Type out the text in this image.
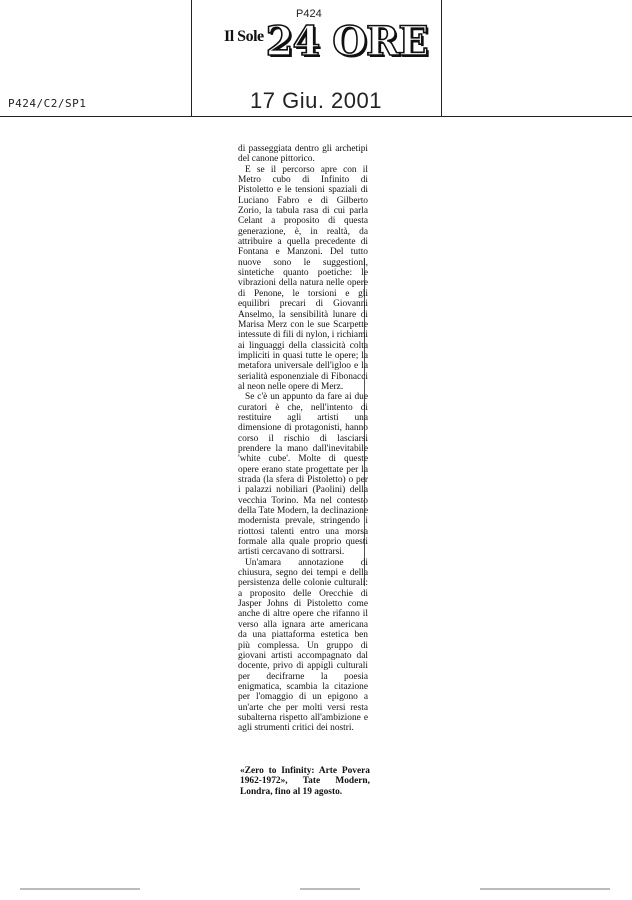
P424/C2/SP1
P424
Il Sole24 ORE
17 Giu. 2001

di passeggiata dentro gli archetipi del canone pittorico.

E se il percorso apre con il Metro cubo di Infinito di Pistoletto e le tensioni spaziali di Luciano Fabro e di Gilberto Zorio, la tabula rasa di cui parla Celant a proposito di questa generazione, è, in realtà, da attribuire a quella precedente di Fontana e Manzoni. Del tutto nuove sono le suggestioni, sintetiche quanto poetiche: le vibrazioni della natura nelle opere di Penone, le torsioni e gli equilibri precari di Giovanni Anselmo, la sensibilità lunare di Marisa Merz con le sue Scarpette intessute di fili di nylon, i richiami ai linguaggi della classicità colta impliciti in quasi tutte le opere; la metafora universale dell'igloo e la serialità esponenziale di Fibonacci al neon nelle opere di Merz.

Se c'è un appunto da fare ai due curatori è che, nell'intento di restituire agli artisti una dimensione di protagonisti, hanno corso il rischio di lasciarsi prendere la mano dall'inevitabile 'white cube'. Molte di queste opere erano state progettate per la strada (la sfera di Pistoletto) o per i palazzi nobiliari (Paolini) della vecchia Torino. Ma nel contesto della Tate Modern, la declinazione modernista prevale, stringendo i riottosi talenti entro una morsa formale alla quale proprio questi artisti cercavano di sottrarsi.

Un'amara annotazione di chiusura, segno dei tempi e della persistenza delle colonie culturali: a proposito delle Orecchie di Jasper Johns di Pistoletto come anche di altre opere che rifanno il verso alla ignara arte americana da una piattaforma estetica ben più complessa. Un gruppo di giovani artisti accompagnato dal docente, privo di appigli culturali per decifrarne la poesia enigmatica, scambia la citazione per l'omaggio di un epigono a un'arte che per molti versi resta subalterna rispetto all'ambizione e agli strumenti critici dei nostri.

«Zero to Infinity: Arte Povera 1962-1972», Tate Modern, Londra, fino al 19 agosto.
